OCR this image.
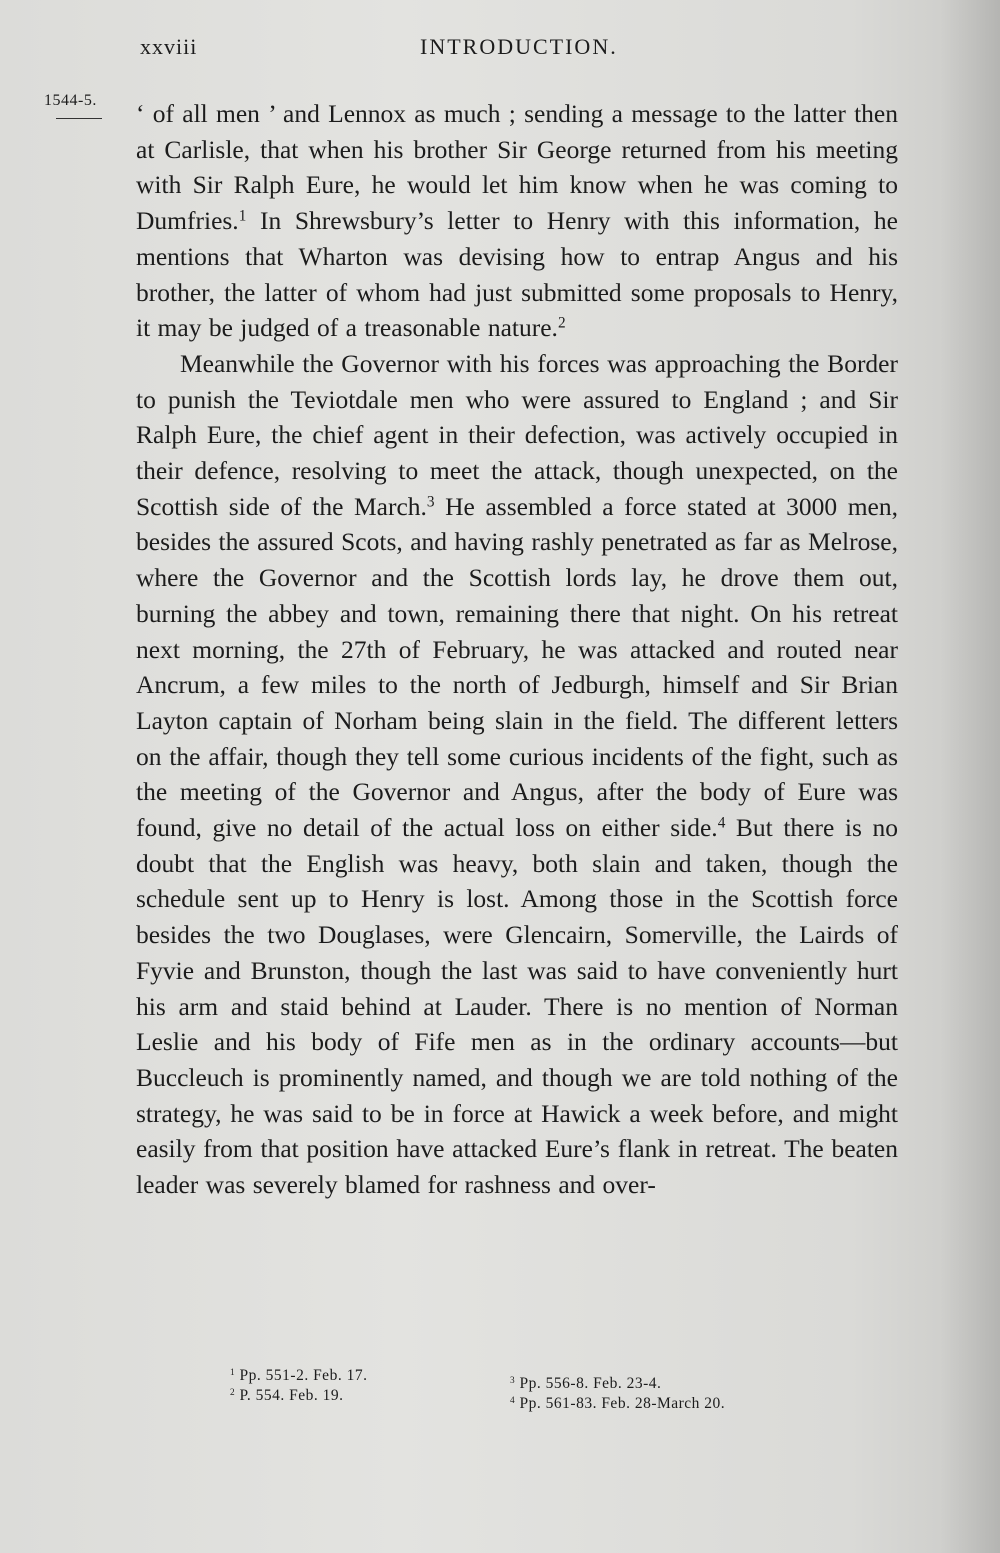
xxviii	INTRODUCTION.
1544-5. ‘ of all men ’ and Lennox as much ; sending a message to the latter then at Carlisle, that when his brother Sir George returned from his meeting with Sir Ralph Eure, he would let him know when he was coming to Dumfries.$^1$ In Shrewsbury’s letter to Henry with this information, he mentions that Wharton was devising how to entrap Angus and his brother, the latter of whom had just submitted some proposals to Henry, it may be judged of a treasonable nature.$^2$

Meanwhile the Governor with his forces was approaching the Border to punish the Teviotdale men who were assured to England ; and Sir Ralph Eure, the chief agent in their defection, was actively occupied in their defence, resolving to meet the attack, though unexpected, on the Scottish side of the March.$^3$ He assembled a force stated at 3000 men, besides the assured Scots, and having rashly penetrated as far as Melrose, where the Governor and the Scottish lords lay, he drove them out, burning the abbey and town, remaining there that night. On his retreat next morning, the 27th of February, he was attacked and routed near Ancrum, a few miles to the north of Jedburgh, himself and Sir Brian Layton captain of Norham being slain in the field. The different letters on the affair, though they tell some curious incidents of the fight, such as the meeting of the Governor and Angus, after the body of Eure was found, give no detail of the actual loss on either side.$^4$ But there is no doubt that the English was heavy, both slain and taken, though the schedule sent up to Henry is lost. Among those in the Scottish force besides the two Douglases, were Glencairn, Somerville, the Lairds of Fyvie and Brunston, though the last was said to have conveniently hurt his arm and staid behind at Lauder. There is no mention of Norman Leslie and his body of Fife men as in the ordinary accounts—but Buccleuch is prominently named, and though we are told nothing of the strategy, he was said to be in force at Hawick a week before, and might easily from that position have attacked Eure’s flank in retreat. The beaten leader was severely blamed for rashness and over-

$^1$ Pp. 551-2. Feb. 17.
$^2$ P. 554. Feb. 19.
$^3$ Pp. 556-8. Feb. 23-4.
$^4$ Pp. 561-83. Feb. 28-March 20.
